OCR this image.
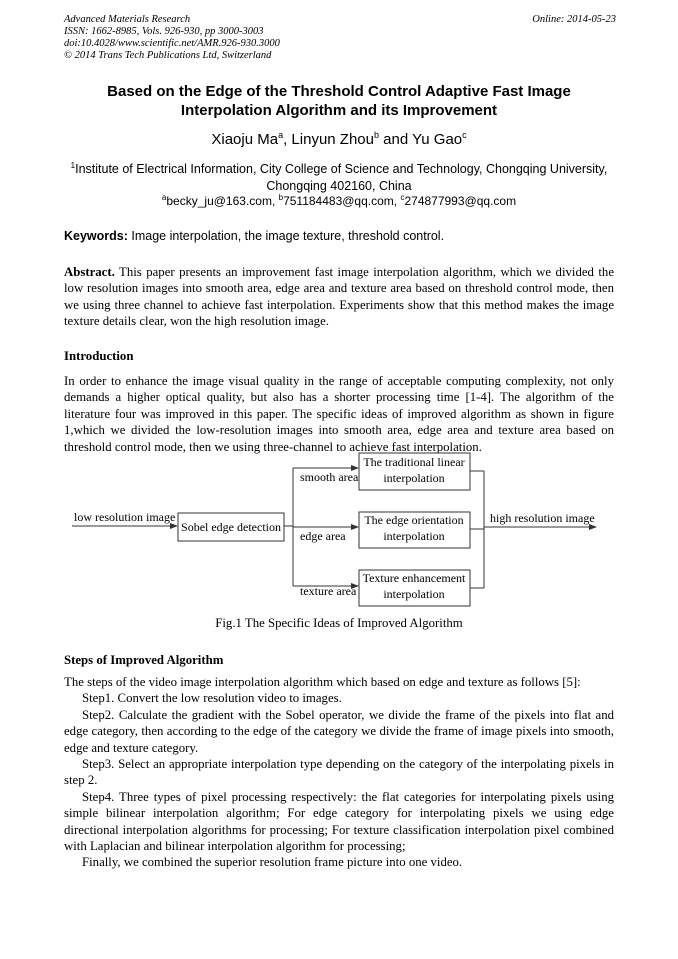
Advanced Materials Research
ISSN: 1662-8985, Vols. 926-930, pp 3000-3003
doi:10.4028/www.scientific.net/AMR.926-930.3000
© 2014 Trans Tech Publications Ltd, Switzerland
Online: 2014-05-23
Based on the Edge of the Threshold Control Adaptive Fast Image
Interpolation Algorithm and its Improvement
Xiaoju Ma$^a$, Linyun Zhou$^b$ and Yu Gao$^c$
$^1$Institute of Electrical Information, City College of Science and Technology, Chongqing University,
Chongqing 402160, China
$^a$becky_ju@163.com, $^b$751184483@qq.com, $^c$274877993@qq.com
Keywords: Image interpolation, the image texture, threshold control.

Abstract. This paper presents an improvement fast image interpolation algorithm, which we divided the low resolution images into smooth area, edge area and texture area based on threshold control mode, then we using three channel to achieve fast interpolation. Experiments show that this method makes the image texture details clear, won the high resolution image.

Introduction

In order to enhance the image visual quality in the range of acceptable computing complexity, not only demands a higher optical quality, but also has a shorter processing time [1-4]. The algorithm of the literature four was improved in this paper. The specific ideas of improved algorithm as shown in figure 1,which we divided the low-resolution images into smooth area, edge area and texture area based on threshold control mode, then we using three-channel to achieve fast interpolation.

low resolution image
Sobel edge detection
high resolution image
smooth area
edge area
texture area
The traditional linear
interpolation
The edge orientation
interpolation
Texture enhancement
interpolation
Fig.1 The Specific Ideas of Improved Algorithm
Steps of Improved Algorithm

The steps of the video image interpolation algorithm which based on edge and texture as follows [5]:

Step1. Convert the low resolution video to images.

Step2. Calculate the gradient with the Sobel operator, we divide the frame of the pixels into flat and edge category, then according to the edge of the category we divide the frame of image pixels into smooth, edge and texture category.

Step3. Select an appropriate interpolation type depending on the category of the interpolating pixels in step 2.

Step4. Three types of pixel processing respectively: the flat categories for interpolating pixels using simple bilinear interpolation algorithm; For edge category for interpolating pixels we using edge directional interpolation algorithms for processing; For texture classification interpolation pixel combined with Laplacian and bilinear interpolation algorithm for processing;

Finally, we combined the superior resolution frame picture into one video.
